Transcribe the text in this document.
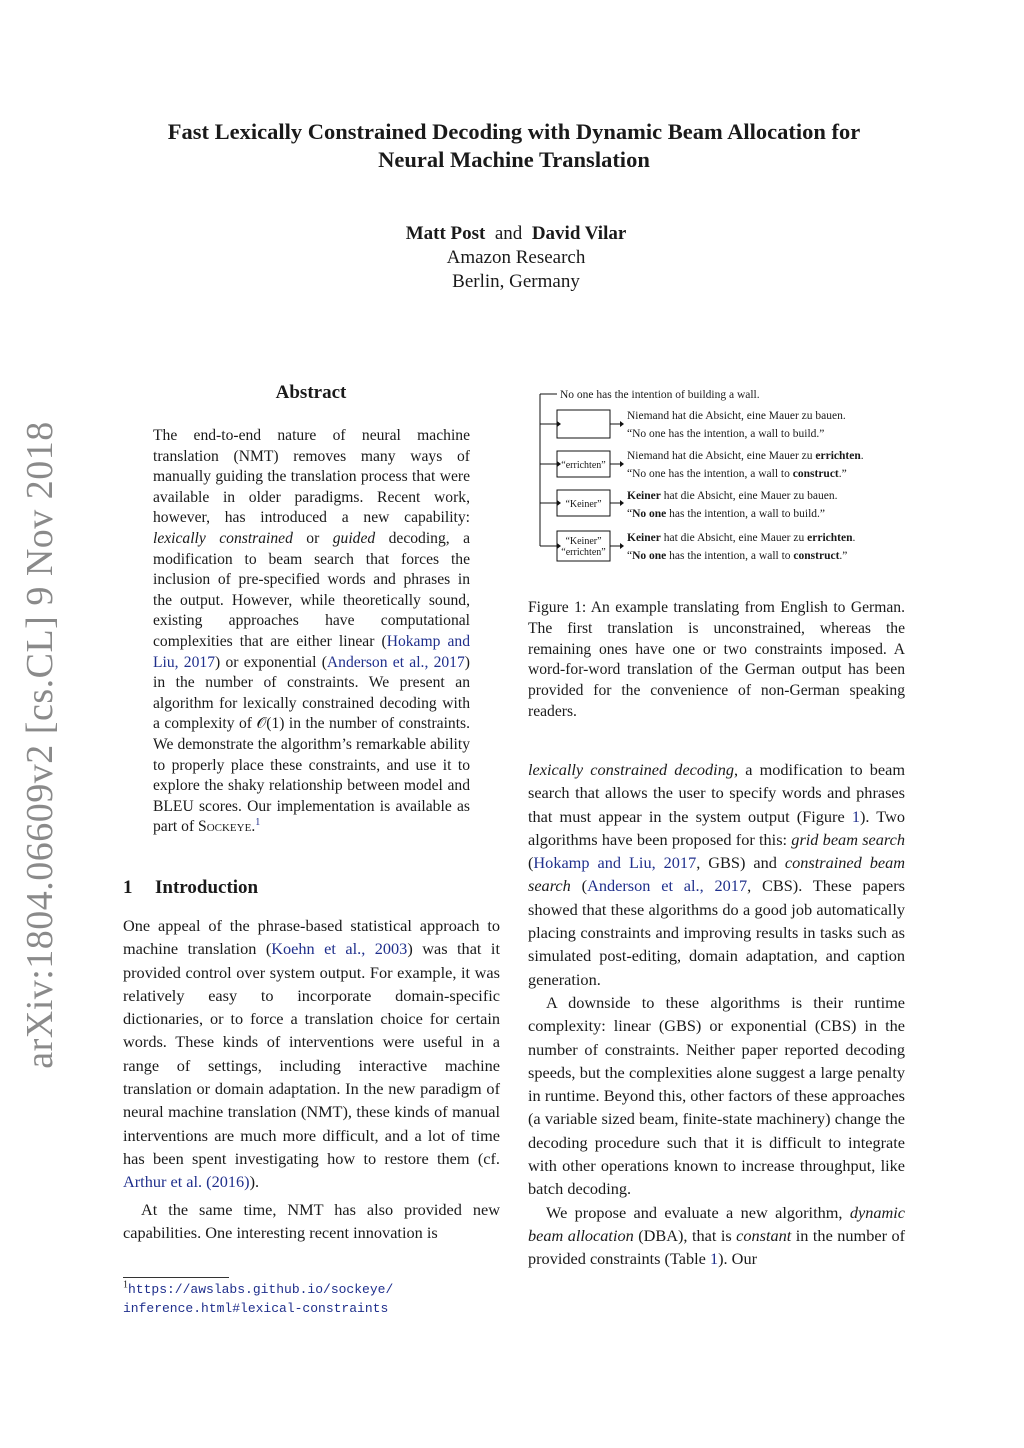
Fast Lexically Constrained Decoding with Dynamic Beam Allocation for
Neural Machine Translation
Matt Post and David Vilar
Amazon Research
Berlin, Germany
arXiv:1804.06609v2 [cs.CL] 9 Nov 2018
Abstract
The end-to-end nature of neural machine translation (NMT) removes many ways of manually guiding the translation process that were available in older paradigms. Recent work, however, has introduced a new capability: lexically constrained or guided decoding, a modification to beam search that forces the inclusion of pre-specified words and phrases in the output. However, while theoretically sound, existing approaches have computational complexities that are either linear (Hokamp and Liu, 2017) or exponential (Anderson et al., 2017) in the number of constraints. We present an algorithm for lexically constrained decoding with a complexity of 𝒪(1) in the number of constraints. We demonstrate the algorithm’s remarkable ability to properly place these constraints, and use it to explore the shaky relationship between model and BLEU scores. Our implementation is available as part of Sockeye.$^1$
1 Introduction

One appeal of the phrase-based statistical approach to machine translation (Koehn et al., 2003) was that it provided control over system output. For example, it was relatively easy to incorporate domain-specific dictionaries, or to force a translation choice for certain words. These kinds of interventions were useful in a range of settings, including interactive machine translation or domain adaptation. In the new paradigm of neural machine translation (NMT), these kinds of manual interventions are much more difficult, and a lot of time has been spent investigating how to restore them (cf. Arthur et al. (2016)).

At the same time, NMT has also provided new capabilities. One interesting recent innovation is

$^1$https://awslabs.github.io/sockeye/
inference.html#lexical-constraints
No one has the intention of building a wall.
Niemand hat die Absicht, eine Mauer zu bauen.
“No one has the intention, a wall to build.”
“errichten”
Niemand hat die Absicht, eine Mauer zu errichten.
“No one has the intention, a wall to construct.”
“Keiner”
Keiner hat die Absicht, eine Mauer zu bauen.
“No one has the intention, a wall to build.”
“Keiner”
“errichten”
Keiner hat die Absicht, eine Mauer zu errichten.
“No one has the intention, a wall to construct.”
Figure 1: An example translating from English to German. The first translation is unconstrained, whereas the remaining ones have one or two constraints imposed. A word-for-word translation of the German output has been provided for the convenience of non-German speaking readers.

lexically constrained decoding, a modification to beam search that allows the user to specify words and phrases that must appear in the system output (Figure 1). Two algorithms have been proposed for this: grid beam search (Hokamp and Liu, 2017, GBS) and constrained beam search (Anderson et al., 2017, CBS). These papers showed that these algorithms do a good job automatically placing constraints and improving results in tasks such as simulated post-editing, domain adaptation, and caption generation.

A downside to these algorithms is their runtime complexity: linear (GBS) or exponential (CBS) in the number of constraints. Neither paper reported decoding speeds, but the complexities alone suggest a large penalty in runtime. Beyond this, other factors of these approaches (a variable sized beam, finite-state machinery) change the decoding procedure such that it is difficult to integrate with other operations known to increase throughput, like batch decoding.

We propose and evaluate a new algorithm, dynamic beam allocation (DBA), that is constant in the number of provided constraints (Table 1). Our
